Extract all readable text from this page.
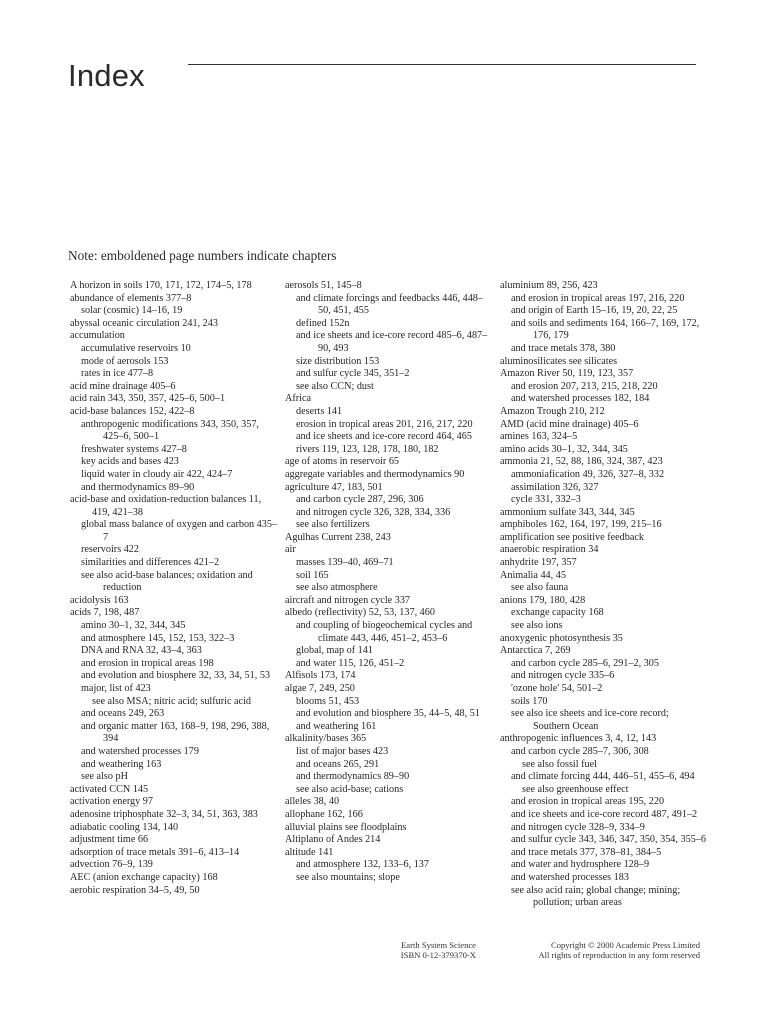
Index
Note: emboldened page numbers indicate chapters

A horizon in soils 170, 171, 172, 174–5, 178

abundance of elements 377–8

solar (cosmic) 14–16, 19

abyssal oceanic circulation 241, 243

accumulation

accumulative reservoirs 10

mode of aerosols 153

rates in ice 477–8

acid mine drainage 405–6

acid rain 343, 350, 357, 425–6, 500–1

acid-base balances 152, 422–8

anthropogenic modifications 343, 350, 357, 425–6, 500–1

freshwater systems 427–8

key acids and bases 423

liquid water in cloudy air 422, 424–7

and thermodynamics 89–90

acid-base and oxidation-reduction balances 11, 419, 421–38

global mass balance of oxygen and carbon 435–7

reservoirs 422

similarities and differences 421–2

see also acid-base balances; oxidation and reduction

acidolysis 163

acids 7, 198, 487

amino 30–1, 32, 344, 345

and atmosphere 145, 152, 153, 322–3

DNA and RNA 32, 43–4, 363

and erosion in tropical areas 198

and evolution and biosphere 32, 33, 34, 51, 53

major, list of 423

see also MSA; nitric acid; sulfuric acid

and oceans 249, 263

and organic matter 163, 168–9, 198, 296, 388, 394

and watershed processes 179

and weathering 163

see also pH

activated CCN 145

activation energy 97

adenosine triphosphate 32–3, 34, 51, 363, 383

adiabatic cooling 134, 140

adjustment time 66

adsorption of trace metals 391–6, 413–14

advection 76–9, 139

AEC (anion exchange capacity) 168

aerobic respiration 34–5, 49, 50

aerosols 51, 145–8

and climate forcings and feedbacks 446, 448–50, 451, 455

defined 152n

and ice sheets and ice-core record 485–6, 487–90, 493

size distribution 153

and sulfur cycle 345, 351–2

see also CCN; dust

Africa

deserts 141

erosion in tropical areas 201, 216, 217, 220

and ice sheets and ice-core record 464, 465

rivers 119, 123, 128, 178, 180, 182

age of atoms in reservoir 65

aggregate variables and thermodynamics 90

agriculture 47, 183, 501

and carbon cycle 287, 296, 306

and nitrogen cycle 326, 328, 334, 336

see also fertilizers

Agulhas Current 238, 243

air

masses 139–40, 469–71

soil 165

see also atmosphere

aircraft and nitrogen cycle 337

albedo (reflectivity) 52, 53, 137, 460

and coupling of biogeochemical cycles and climate 443, 446, 451–2, 453–6

global, map of 141

and water 115, 126, 451–2

Alfisols 173, 174

algae 7, 249, 250

blooms 51, 453

and evolution and biosphere 35, 44–5, 48, 51

and weathering 161

alkalinity/bases 365

list of major bases 423

and oceans 265, 291

and thermodynamics 89–90

see also acid-base; cations

alleles 38, 40

allophane 162, 166

alluvial plains see floodplains

Altiplano of Andes 214

altitude 141

and atmosphere 132, 133–6, 137

see also mountains; slope

aluminium 89, 256, 423

and erosion in tropical areas 197, 216, 220

and origin of Earth 15–16, 19, 20, 22, 25

and soils and sediments 164, 166–7, 169, 172, 176, 179

and trace metals 378, 380

aluminosilicates see silicates

Amazon River 50, 119, 123, 357

and erosion 207, 213, 215, 218, 220

and watershed processes 182, 184

Amazon Trough 210, 212

AMD (acid mine drainage) 405–6

amines 163, 324–5

amino acids 30–1, 32, 344, 345

ammonia 21, 52, 88, 186, 324, 387, 423

ammoniafication 49, 326, 327–8, 332

assimilation 326, 327

cycle 331, 332–3

ammonium sulfate 343, 344, 345

amphiboles 162, 164, 197, 199, 215–16

amplification see positive feedback

anaerobic respiration 34

anhydrite 197, 357

Animalia 44, 45

see also fauna

anions 179, 180, 428

exchange capacity 168

see also ions

anoxygenic photosynthesis 35

Antarctica 7, 269

and carbon cycle 285–6, 291–2, 305

and nitrogen cycle 335–6

'ozone hole' 54, 501–2

soils 170

see also ice sheets and ice-core record; Southern Ocean

anthropogenic influences 3, 4, 12, 143

and carbon cycle 285–7, 306, 308

see also fossil fuel

and climate forcing 444, 446–51, 455–6, 494

see also greenhouse effect

and erosion in tropical areas 195, 220

and ice sheets and ice-core record 487, 491–2

and nitrogen cycle 328–9, 334–9

and sulfur cycle 343, 346, 347, 350, 354, 355–6

and trace metals 377, 378–81, 384–5

and water and hydrosphere 128–9

and watershed processes 183

see also acid rain; global change; mining; pollution; urban areas

Earth System Science
ISBN 0-12-379370-X
Copyright © 2000 Academic Press Limited
All rights of reproduction in any form reserved
